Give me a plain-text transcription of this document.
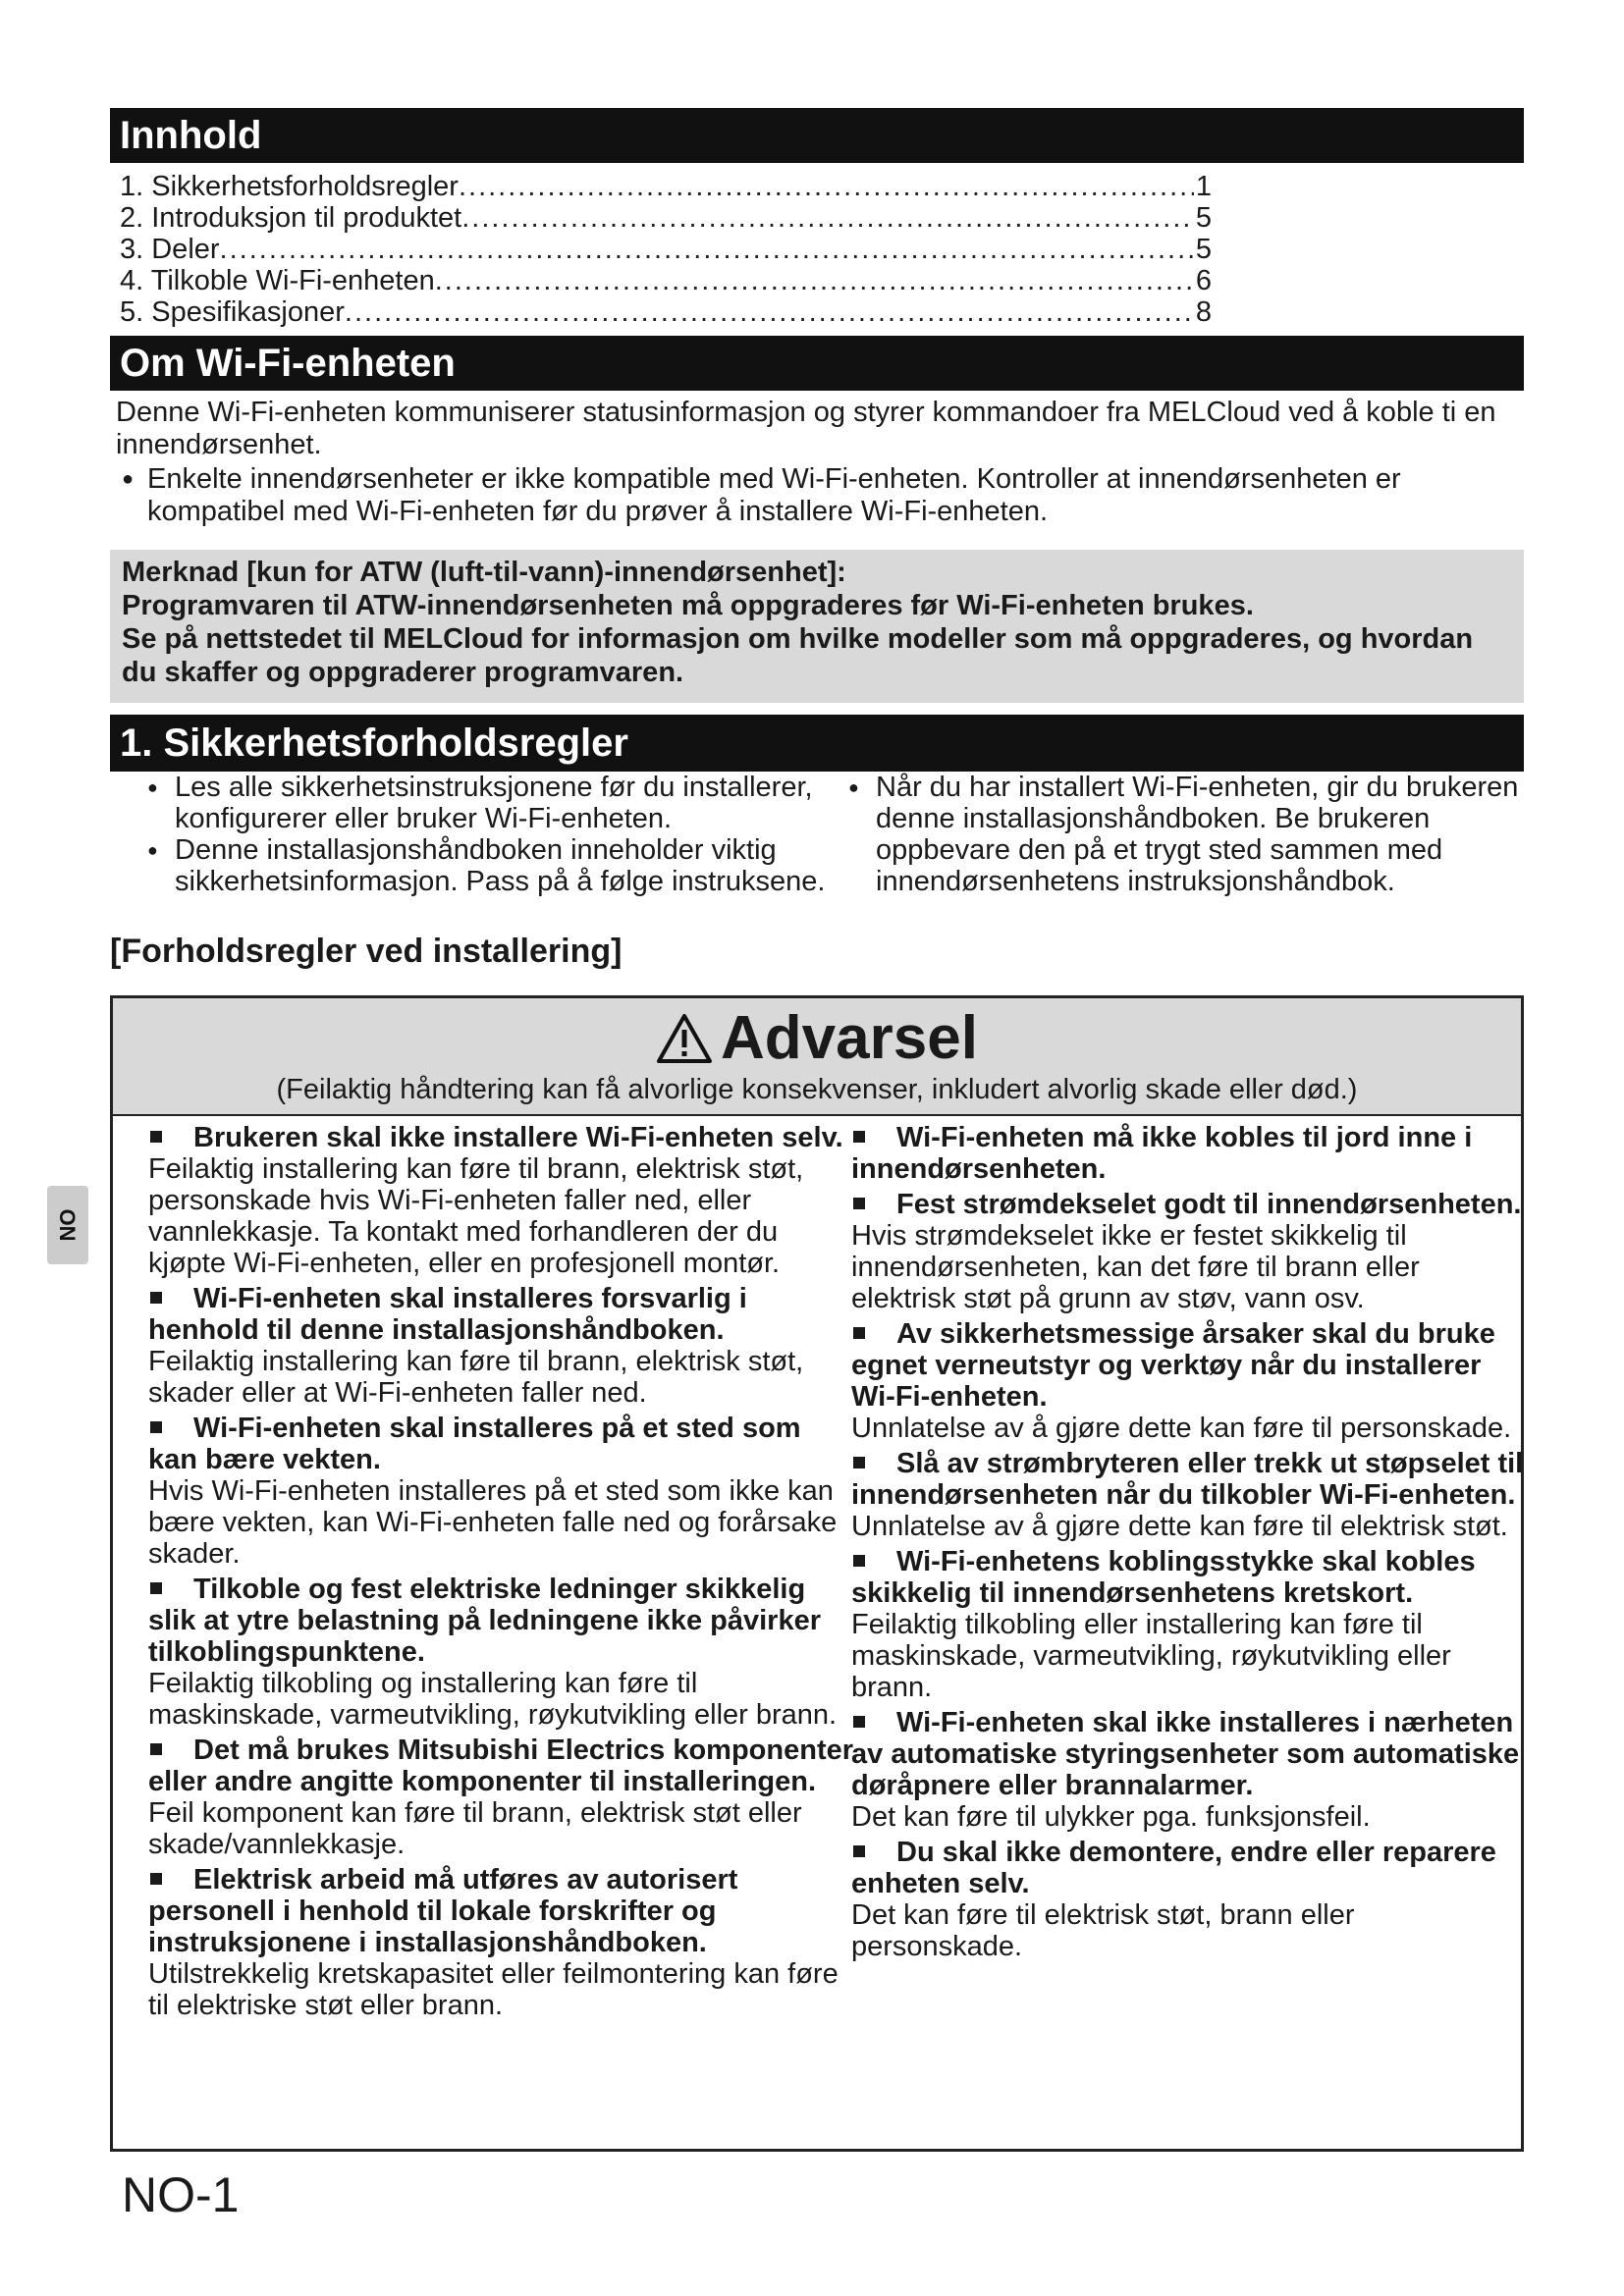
Innhold
1. Sikkerhetsforholdsregler .....	1
2. Introduksjon til produktet .....	5
3. Deler .....	5
4. Tilkoble Wi-Fi-enheten .....	6
5. Spesifikasjoner .....	8
Om Wi-Fi-enheten

Denne Wi-Fi-enheten kommuniserer statusinformasjon og styrer kommandoer fra MELCloud ved å koble ti en innendørsenhet.

● Enkelte innendørsenheter er ikke kompatible med Wi-Fi-enheten. Kontroller at innendørsenheten er kompatibel med Wi-Fi-enheten før du prøver å installere Wi-Fi-enheten.

Merknad [kun for ATW (luft-til-vann)-innendørsenhet]:
Programvaren til ATW-innendørsenheten må oppgraderes før Wi-Fi-enheten brukes.
Se på nettstedet til MELCloud for informasjon om hvilke modeller som må oppgraderes, og hvordan du skaffer og oppgraderer programvaren.
1. Sikkerhetsforholdsregler

● Les alle sikkerhetsinstruksjonene før du installerer, konfigurerer eller bruker Wi-Fi-enheten.

● Denne installasjonshåndboken inneholder viktig sikkerhetsinformasjon. Pass på å følge instruksene.

● Når du har installert Wi-Fi-enheten, gir du brukeren denne installasjonshåndboken. Be brukeren oppbevare den på et trygt sted sammen med innendørsenhetens instruksjonshåndbok.

[Forholdsregler ved installering]
Advarsel
(Feilaktig håndtering kan få alvorlige konsekvenser, inkludert alvorlig skade eller død.)

Brukeren skal ikke installere Wi-Fi-enheten selv.

Feilaktig installering kan føre til brann, elektrisk støt, personskade hvis Wi-Fi-enheten faller ned, eller vannlekkasje. Ta kontakt med forhandleren der du kjøpte Wi-Fi-enheten, eller en profesjonell montør.

Wi-Fi-enheten skal installeres forsvarlig i henhold til denne installasjonshåndboken.

Feilaktig installering kan føre til brann, elektrisk støt, skader eller at Wi-Fi-enheten faller ned.

Wi-Fi-enheten skal installeres på et sted som kan bære vekten.

Hvis Wi-Fi-enheten installeres på et sted som ikke kan bære vekten, kan Wi-Fi-enheten falle ned og forårsake skader.

Tilkoble og fest elektriske ledninger skikkelig slik at ytre belastning på ledningene ikke påvirker tilkoblingspunktene.

Feilaktig tilkobling og installering kan føre til maskinskade, varmeutvikling, røykutvikling eller brann.

Det må brukes Mitsubishi Electrics komponenter eller andre angitte komponenter til installeringen.

Feil komponent kan føre til brann, elektrisk støt eller skade/vannlekkasje.

Elektrisk arbeid må utføres av autorisert personell i henhold til lokale forskrifter og instruksjonene i installasjonshåndboken.

Utilstrekkelig kretskapasitet eller feilmontering kan føre til elektriske støt eller brann.

Wi-Fi-enheten må ikke kobles til jord inne i innendørsenheten.

Fest strømdekselet godt til innendørsenheten.

Hvis strømdekselet ikke er festet skikkelig til innendørsenheten, kan det føre til brann eller elektrisk støt på grunn av støv, vann osv.

Av sikkerhetsmessige årsaker skal du bruke egnet verneutstyr og verktøy når du installerer Wi-Fi-enheten.

Unnlatelse av å gjøre dette kan føre til personskade.

Slå av strømbryteren eller trekk ut støpselet til innendørsenheten når du tilkobler Wi-Fi-enheten.

Unnlatelse av å gjøre dette kan føre til elektrisk støt.

Wi-Fi-enhetens koblingsstykke skal kobles skikkelig til innendørsenhetens kretskort.

Feilaktig tilkobling eller installering kan føre til maskinskade, varmeutvikling, røykutvikling eller brann.

Wi-Fi-enheten skal ikke installeres i nærheten av automatiske styringsenheter som automatiske døråpnere eller brannalarmer.

Det kan føre til ulykker pga. funksjonsfeil.

Du skal ikke demontere, endre eller reparere enheten selv.

Det kan føre til elektrisk støt, brann eller personskade.

NO
NO-1
